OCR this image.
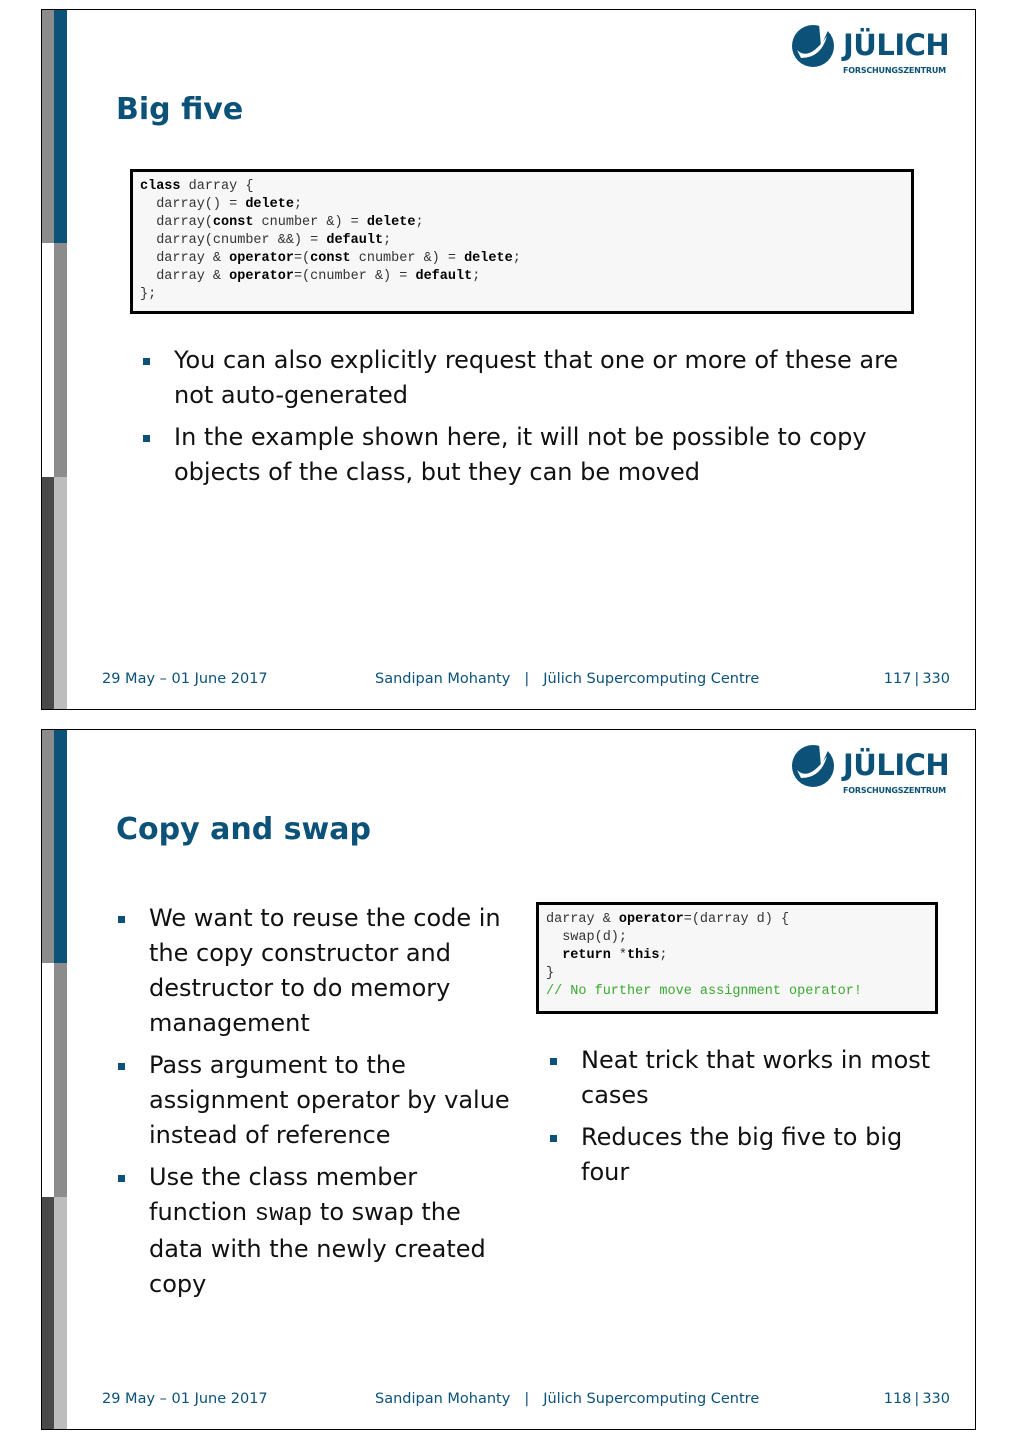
JÜLICH
FORSCHUNGSZENTRUM
Big five
class darray {
darray() = delete;
darray(const cnumber &) = delete;
darray(cnumber &&) = default;
darray & operator=(const cnumber &) = delete;
darray & operator=(cnumber &) = default;
};
You can also explicitly request that one or more of these are not auto-generated
In the example shown here, it will not be possible to copy objects of the class, but they can be moved
29 May – 01 June 2017	Sandipan Mohanty | Jülich Supercomputing Centre	117 | 330
JÜLICH
FORSCHUNGSZENTRUM
Copy and swap
We want to reuse the code in the copy constructor and destructor to do memory management
Pass argument to the assignment operator by value instead of reference
Use the class member function swap to swap the data with the newly created copy
darray & operator=(darray d) {
swap(d);
return *this;
}
// No further move assignment operator!
Neat trick that works in most cases
Reduces the big five to big four
29 May – 01 June 2017	Sandipan Mohanty | Jülich Supercomputing Centre	118 | 330
